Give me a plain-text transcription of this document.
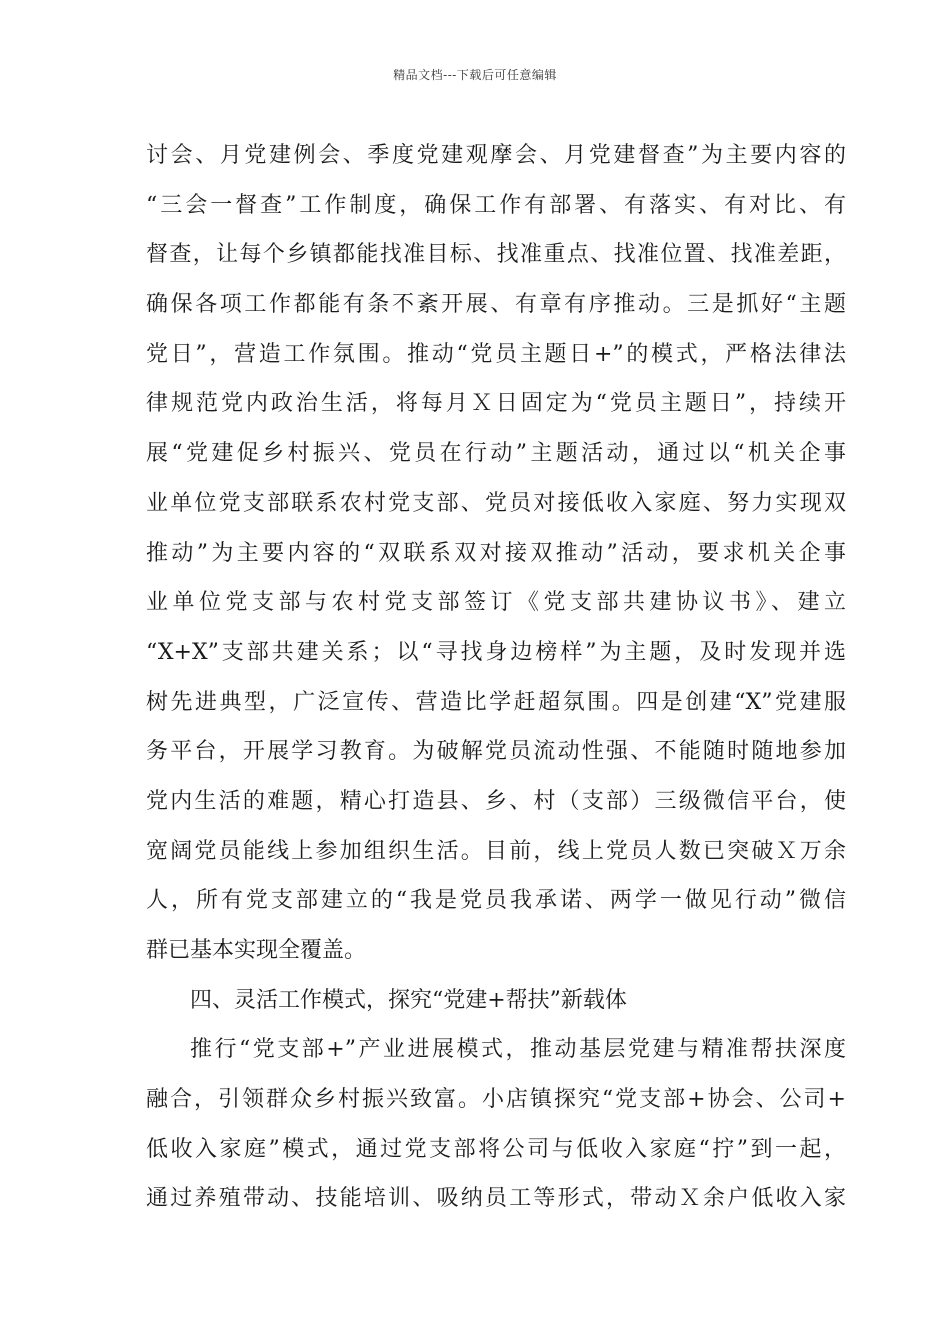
精品文档---下载后可任意编辑
讨会、月党建例会、季度党建观摩会、月党建督查”为主要内容的
“三会一督查”工作制度，确保工作有部署、有落实、有对比、有
督查，让每个乡镇都能找准目标、找准重点、找准位置、找准差距，
确保各项工作都能有条不紊开展、有章有序推动。三是抓好“主题
党日”，营造工作氛围。推动“党员主题日+”的模式，严格法律法
律规范党内政治生活，将每月Ｘ日固定为“党员主题日”，持续开
展“党建促乡村振兴、党员在行动”主题活动，通过以“机关企事
业单位党支部联系农村党支部、党员对接低收入家庭、努力实现双
推动”为主要内容的“双联系双对接双推动”活动，要求机关企事
业单位党支部与农村党支部签订《党支部共建协议书》、建立
“X+X”支部共建关系；以“寻找身边榜样”为主题，及时发现并选
树先进典型，广泛宣传、营造比学赶超氛围。四是创建“X”党建服
务平台，开展学习教育。为破解党员流动性强、不能随时随地参加
党内生活的难题，精心打造县、乡、村（支部）三级微信平台，使
宽阔党员能线上参加组织生活。目前，线上党员人数已突破Ｘ万余
人，所有党支部建立的“我是党员我承诺、两学一做见行动”微信
群已基本实现全覆盖。
四、灵活工作模式，探究“党建+帮扶”新载体
推行“党支部+”产业进展模式，推动基层党建与精准帮扶深度
融合，引领群众乡村振兴致富。小店镇探究“党支部+协会、公司+
低收入家庭”模式，通过党支部将公司与低收入家庭“拧”到一起，
通过养殖带动、技能培训、吸纳员工等形式，带动Ｘ余户低收入家
